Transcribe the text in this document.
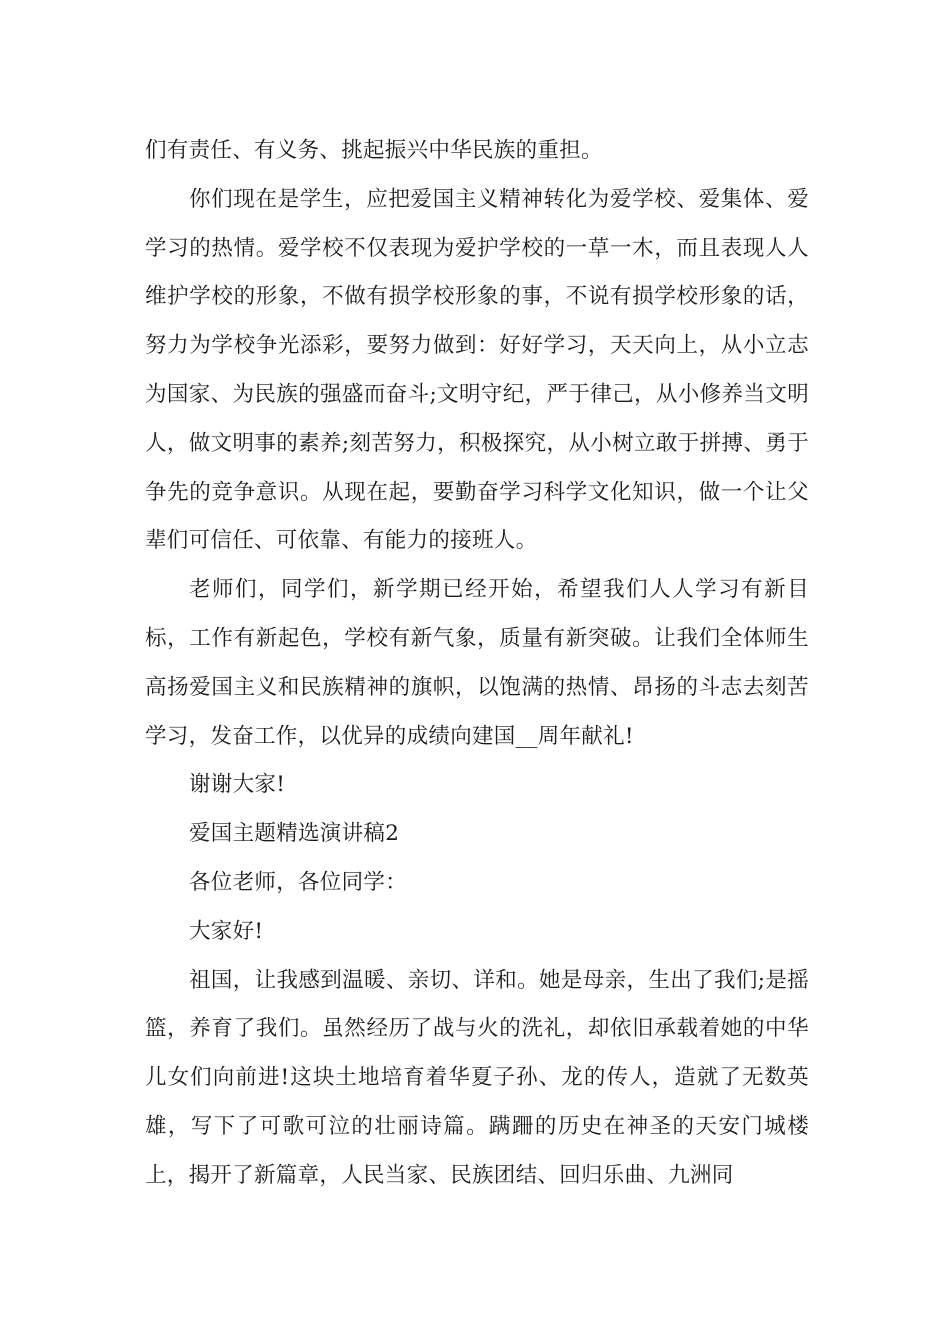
们有责任、有义务、挑起振兴中华民族的重担。

你们现在是学生，应把爱国主义精神转化为爱学校、爱集体、爱学习的热情。爱学校不仅表现为爱护学校的一草一木，而且表现人人维护学校的形象，不做有损学校形象的事，不说有损学校形象的话，努力为学校争光添彩，要努力做到：好好学习，天天向上，从小立志为国家、为民族的强盛而奋斗;文明守纪，严于律己，从小修养当文明人，做文明事的素养;刻苦努力，积极探究，从小树立敢于拼搏、勇于争先的竞争意识。从现在起，要勤奋学习科学文化知识，做一个让父辈们可信任、可依靠、有能力的接班人。

老师们，同学们，新学期已经开始，希望我们人人学习有新目标，工作有新起色，学校有新气象，质量有新突破。让我们全体师生高扬爱国主义和民族精神的旗帜，以饱满的热情、昂扬的斗志去刻苦学习，发奋工作，以优异的成绩向建国__周年献礼!

谢谢大家!

爱国主题精选演讲稿2

各位老师，各位同学：

大家好!

祖国，让我感到温暖、亲切、详和。她是母亲，生出了我们;是摇篮，养育了我们。虽然经历了战与火的洗礼，却依旧承载着她的中华儿女们向前进!这块土地培育着华夏子孙、龙的传人，造就了无数英雄，写下了可歌可泣的壮丽诗篇。蹒跚的历史在神圣的天安门城楼上，揭开了新篇章，人民当家、民族团结、回归乐曲、九洲同
